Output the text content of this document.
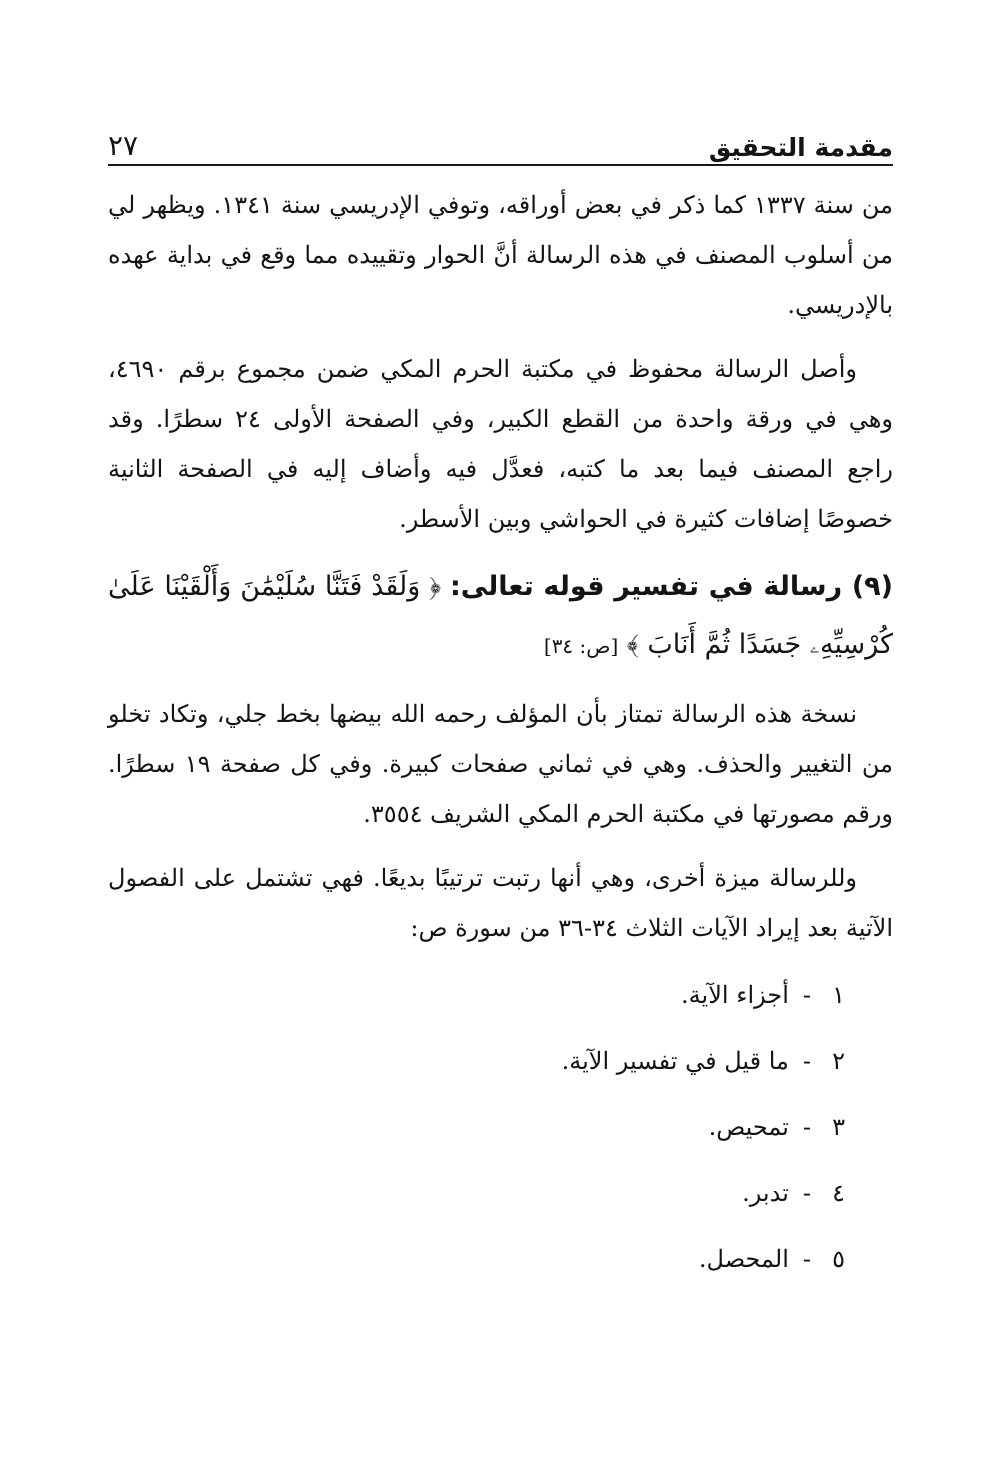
مقدمة التحقيق
٢٧

من سنة ١٣٣٧ كما ذكر في بعض أوراقه، وتوفي الإدريسي سنة ١٣٤١. ويظهر لي من أسلوب المصنف في هذه الرسالة أنَّ الحوار وتقييده مما وقع في بداية عهده بالإدريسي.

وأصل الرسالة محفوظ في مكتبة الحرم المكي ضمن مجموع برقم ٤٦٩٠، وهي في ورقة واحدة من القطع الكبير، وفي الصفحة الأولى ٢٤ سطرًا. وقد راجع المصنف فيما بعد ما كتبه، فعدَّل فيه وأضاف إليه في الصفحة الثانية خصوصًا إضافات كثيرة في الحواشي وبين الأسطر.

(٩) رسالة في تفسير قوله تعالى: ﴿ وَلَقَدْ فَتَنَّا سُلَيْمَٰنَ وَأَلْقَيْنَا عَلَىٰ كُرْسِيِّهِۦ جَسَدًا ثُمَّ أَنَابَ ﴾ [ص: ٣٤]

نسخة هذه الرسالة تمتاز بأن المؤلف رحمه الله بيضها بخط جلي، وتكاد تخلو من التغيير والحذف. وهي في ثماني صفحات كبيرة. وفي كل صفحة ١٩ سطرًا. ورقم مصورتها في مكتبة الحرم المكي الشريف ٣٥٥٤.

وللرسالة ميزة أخرى، وهي أنها رتبت ترتيبًا بديعًا. فهي تشتمل على الفصول الآتية بعد إيراد الآيات الثلاث ٣٤-٣٦ من سورة ص:

١-أجزاء الآية.
٢-ما قيل في تفسير الآية.
٣-تمحيص.
٤-تدبر.
٥-المحصل.
